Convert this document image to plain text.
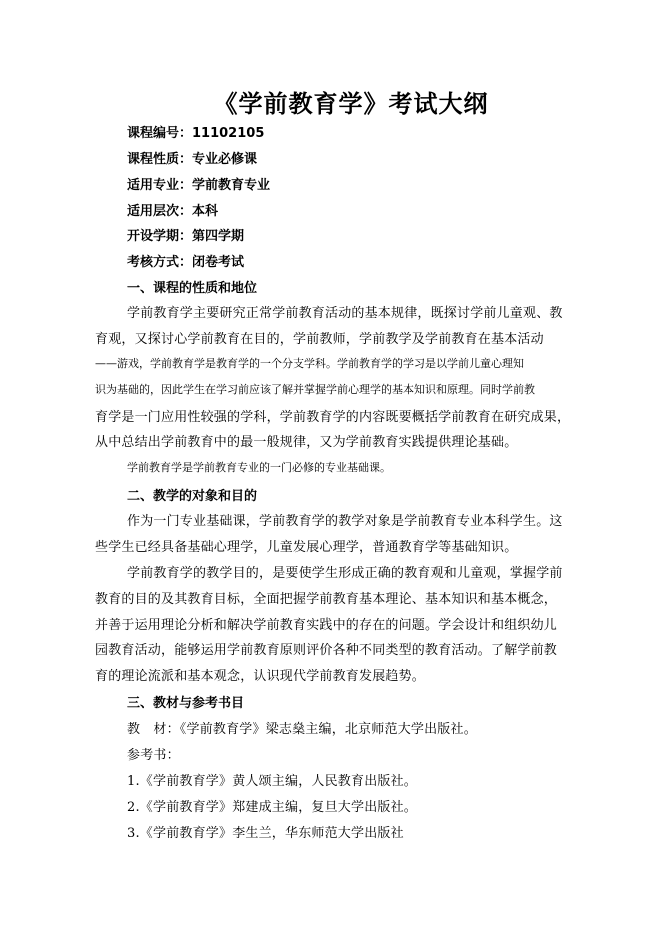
《学前教育学》考试大纲
课程编号：11102105
课程性质：专业必修课
适用专业：学前教育专业
适用层次：本科
开设学期：第四学期
考核方式：闭卷考试
一、课程的性质和地位
学前教育学主要研究正常学前教育活动的基本规律，既探讨学前儿童观、教
育观，又探讨心学前教育在目的，学前教师，学前教学及学前教育在基本活动
——游戏，学前教育学是教育学的一个分支学科。学前教育学的学习是以学前儿童心理知
识为基础的，因此学生在学习前应该了解并掌握学前心理学的基本知识和原理。同时学前教
育学是一门应用性较强的学科，学前教育学的内容既要概括学前教育在研究成果，
从中总结出学前教育中的最一般规律，又为学前教育实践提供理论基础。
学前教育学是学前教育专业的一门必修的专业基础课。
二、教学的对象和目的
作为一门专业基础课，学前教育学的教学对象是学前教育专业本科学生。这
些学生已经具备基础心理学，儿童发展心理学，普通教育学等基础知识。
学前教育学的教学目的，是要使学生形成正确的教育观和儿童观，掌握学前
教育的目的及其教育目标，全面把握学前教育基本理论、基本知识和基本概念，
并善于运用理论分析和解决学前教育实践中的存在的问题。学会设计和组织幼儿
园教育活动，能够运用学前教育原则评价各种不同类型的教育活动。了解学前教
育的理论流派和基本观念，认识现代学前教育发展趋势。
三、教材与参考书目
教　材：《学前教育学》梁志燊主编，北京师范大学出版社。
参考书：
1.《学前教育学》黄人颂主编，人民教育出版社。
2.《学前教育学》郑建成主编，复旦大学出版社。
3.《学前教育学》李生兰，华东师范大学出版社
